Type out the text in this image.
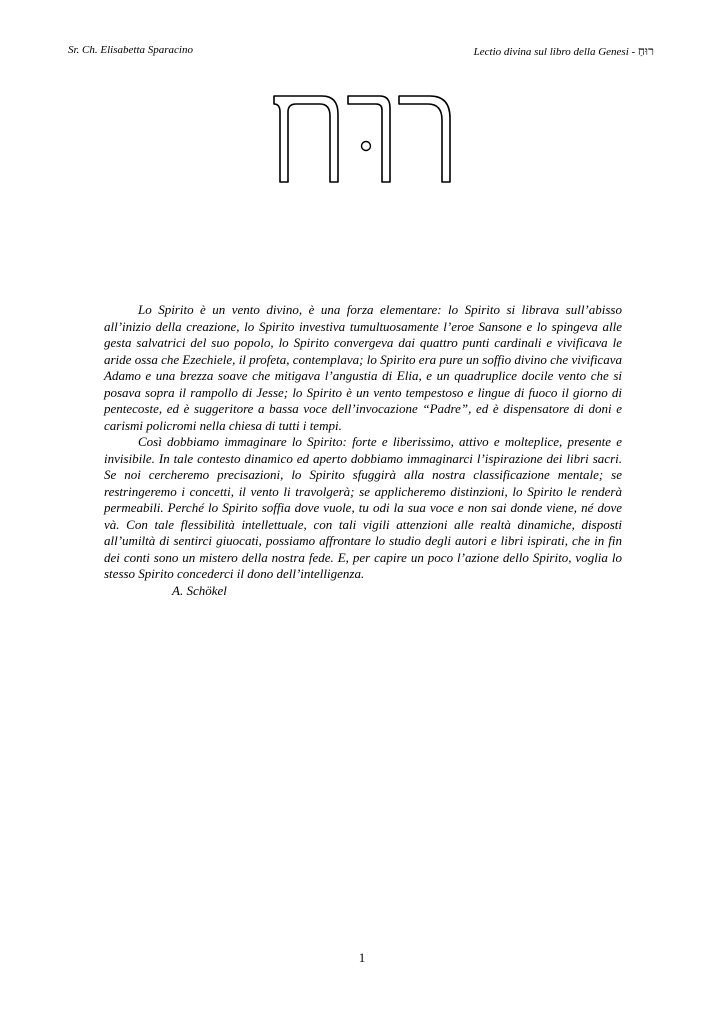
Sr. Ch. Elisabetta Sparacino	Lectio divina sul libro della Genesi - רוּחַ

Lo Spirito è un vento divino, è una forza elementare: lo Spirito si librava sull’abisso all’inizio della creazione, lo Spirito investiva tumultuosamente l’eroe Sansone e lo spingeva alle gesta salvatrici del suo popolo, lo Spirito convergeva dai quattro punti cardinali e vivificava le aride ossa che Ezechiele, il profeta, contemplava; lo Spirito era pure un soffio divino che vivificava Adamo e una brezza soave che mitigava l’angustia di Elia, e un quadruplice docile vento che si posava sopra il rampollo di Jesse; lo Spirito è un vento tempestoso e lingue di fuoco il giorno di pentecoste, ed è suggeritore a bassa voce dell’invocazione “Padre”, ed è dispensatore di doni e carismi policromi nella chiesa di tutti i tempi.

Così dobbiamo immaginare lo Spirito: forte e liberissimo, attivo e molteplice, presente e invisibile. In tale contesto dinamico ed aperto dobbiamo immaginarci l’ispirazione dei libri sacri. Se noi cercheremo precisazioni, lo Spirito sfuggirà alla nostra classificazione mentale; se restringeremo i concetti, il vento li travolgerà; se applicheremo distinzioni, lo Spirito le renderà permeabili. Perché lo Spirito soffia dove vuole, tu odi la sua voce e non sai donde viene, né dove và. Con tale flessibilità intellettuale, con tali vigili attenzioni alle realtà dinamiche, disposti all’umiltà di sentirci giuocati, possiamo affrontare lo studio degli autori e libri ispirati, che in fin dei conti sono un mistero della nostra fede. E, per capire un poco l’azione dello Spirito, voglia lo stesso Spirito concederci il dono dell’intelligenza.

A. Schökel

1
